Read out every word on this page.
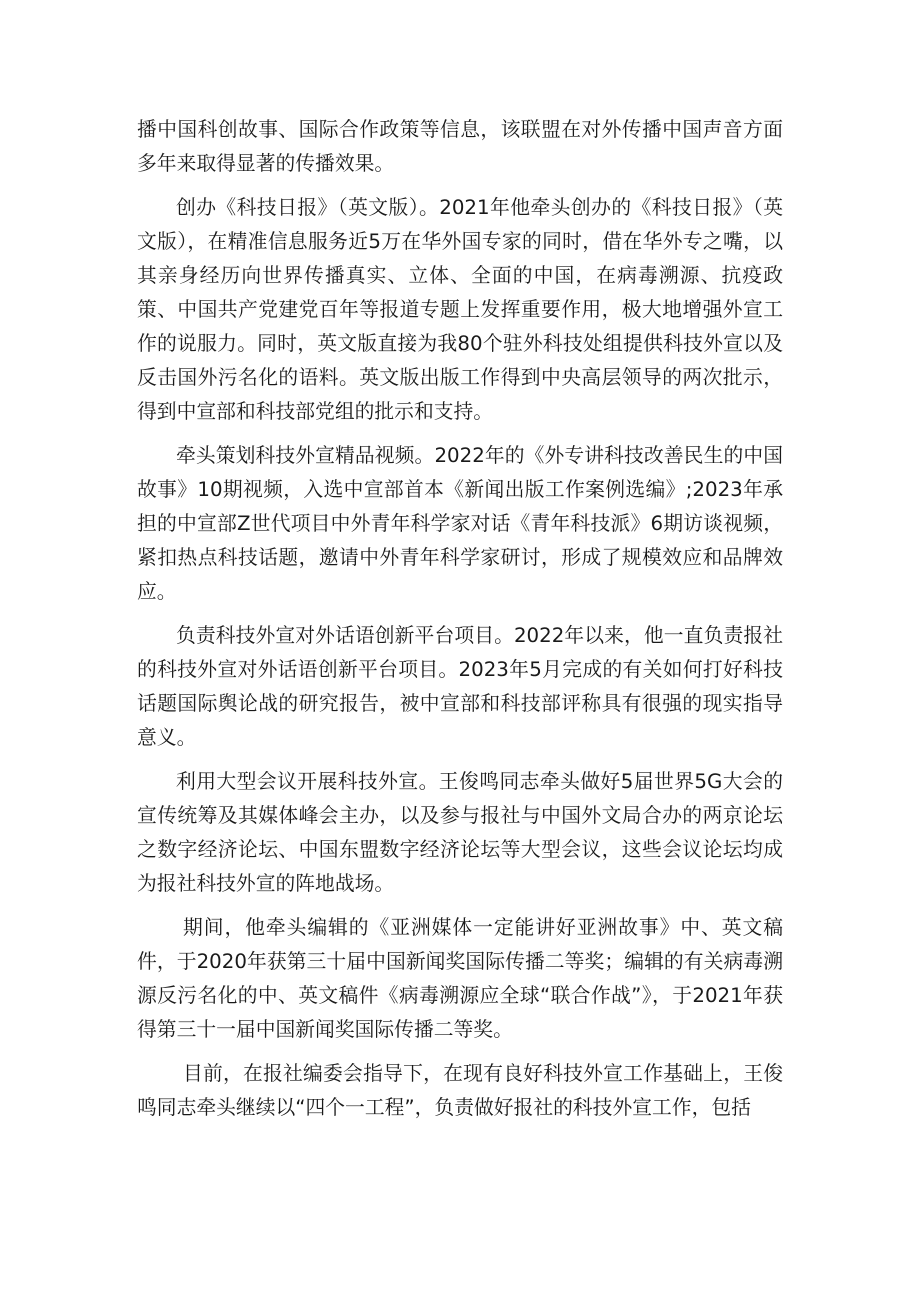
播中国科创故事、国际合作政策等信息，该联盟在对外传播中国声音方面多年来取得显著的传播效果。

创办《科技日报》（英文版）。2021年他牵头创办的《科技日报》（英文版），在精准信息服务近5万在华外国专家的同时，借在华外专之嘴，以其亲身经历向世界传播真实、立体、全面的中国，在病毒溯源、抗疫政策、中国共产党建党百年等报道专题上发挥重要作用，极大地增强外宣工作的说服力。同时，英文版直接为我80个驻外科技处组提供科技外宣以及反击国外污名化的语料。英文版出版工作得到中央高层领导的两次批示，得到中宣部和科技部党组的批示和支持。

牵头策划科技外宣精品视频。2022年的《外专讲科技改善民生的中国故事》10期视频，入选中宣部首本《新闻出版工作案例选编》;2023年承担的中宣部Z世代项目中外青年科学家对话《青年科技派》6期访谈视频，紧扣热点科技话题，邀请中外青年科学家研讨，形成了规模效应和品牌效应。

负责科技外宣对外话语创新平台项目。2022年以来，他一直负责报社的科技外宣对外话语创新平台项目。2023年5月完成的有关如何打好科技话题国际舆论战的研究报告，被中宣部和科技部评称具有很强的现实指导意义。

利用大型会议开展科技外宣。王俊鸣同志牵头做好5届世界5G大会的宣传统筹及其媒体峰会主办，以及参与报社与中国外文局合办的两京论坛之数字经济论坛、中国东盟数字经济论坛等大型会议，这些会议论坛均成为报社科技外宣的阵地战场。

期间，他牵头编辑的《亚洲媒体一定能讲好亚洲故事》中、英文稿件，于2020年获第三十届中国新闻奖国际传播二等奖；编辑的有关病毒溯源反污名化的中、英文稿件《病毒溯源应全球“联合作战”》，于2021年获得第三十一届中国新闻奖国际传播二等奖。

目前，在报社编委会指导下，在现有良好科技外宣工作基础上，王俊鸣同志牵头继续以“四个一工程”，负责做好报社的科技外宣工作，包括
